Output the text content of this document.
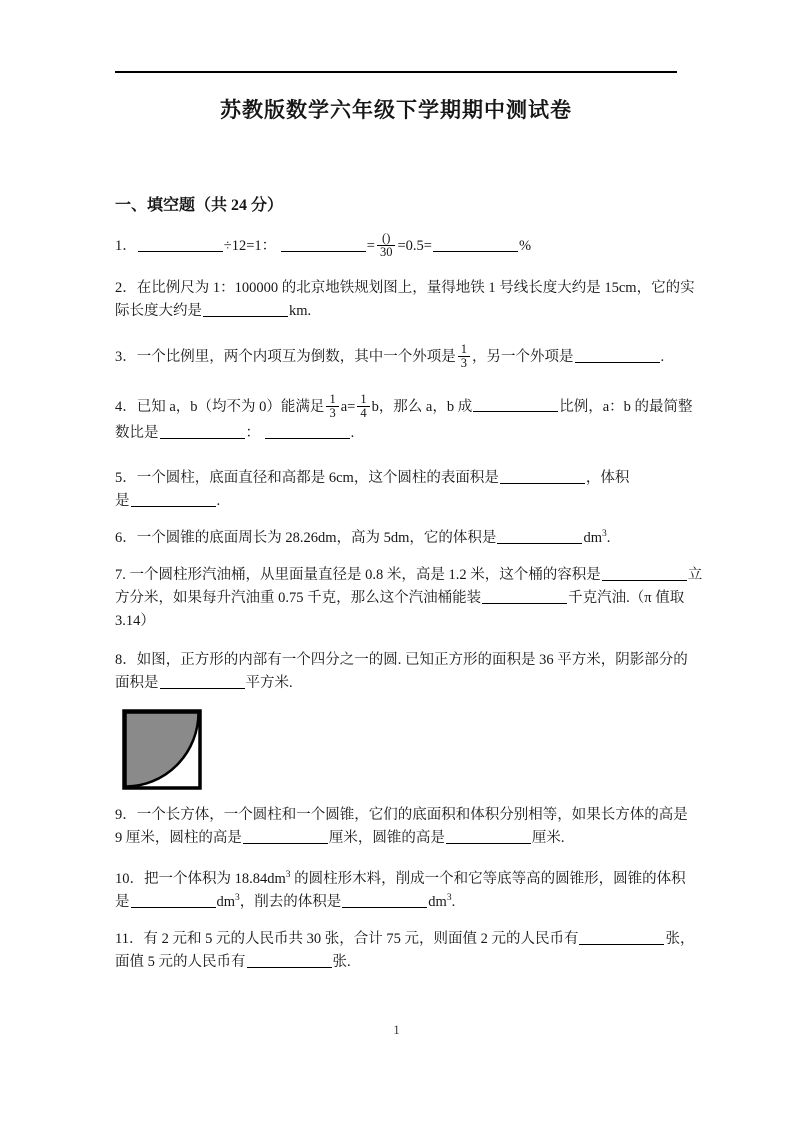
苏教版数学六年级下学期期中测试卷
一、填空题（共 24 分）
1．	÷12=1：	= $\frac{()}{30} =0.5=$	%
2．在比例尺为 1：100000 的北京地铁规划图上，量得地铁 1 号线长度大约是 15cm，它的实
际长度大约是	km.
3．一个比例里，两个内项互为倒数，其中一个外项是 $\frac{1}{3}$ ，另一个外项是	.
4．已知 a，b（均不为 0）能满足 $\frac{1}{3} a= \frac{1}{4}$ b，那么 a，b 成	比例，a：b 的最简整
数比是	：	.
5．一个圆柱，底面直径和高都是 6cm，这个圆柱的表面积是	，体积
是	.
6．一个圆锥的底面周长为 28.26dm，高为 5dm，它的体积是	$dm^3$.
7. 一个圆柱形汽油桶，从里面量直径是 0.8 米，高是 1.2 米，这个桶的容积是	立
方分米，如果每升汽油重 0.75 千克，那么这个汽油桶能装	千克汽油.（π 值取
3.14）
8．如图，正方形的内部有一个四分之一的圆. 已知正方形的面积是 36 平方米，阴影部分的
面积是	平方米.
9．一个长方体，一个圆柱和一个圆锥，它们的底面积和体积分别相等，如果长方体的高是
9 厘米，圆柱的高是	厘米，圆锥的高是	厘米.
10．把一个体积为 $18.84dm^3$ 的圆柱形木料，削成一个和它等底等高的圆锥形，圆锥的体积
是	$dm^3$，削去的体积是	$dm^3$.
11．有 2 元和 5 元的人民币共 30 张，合计 75 元，则面值 2 元的人民币有	张，
面值 5 元的人民币有	张.
1
